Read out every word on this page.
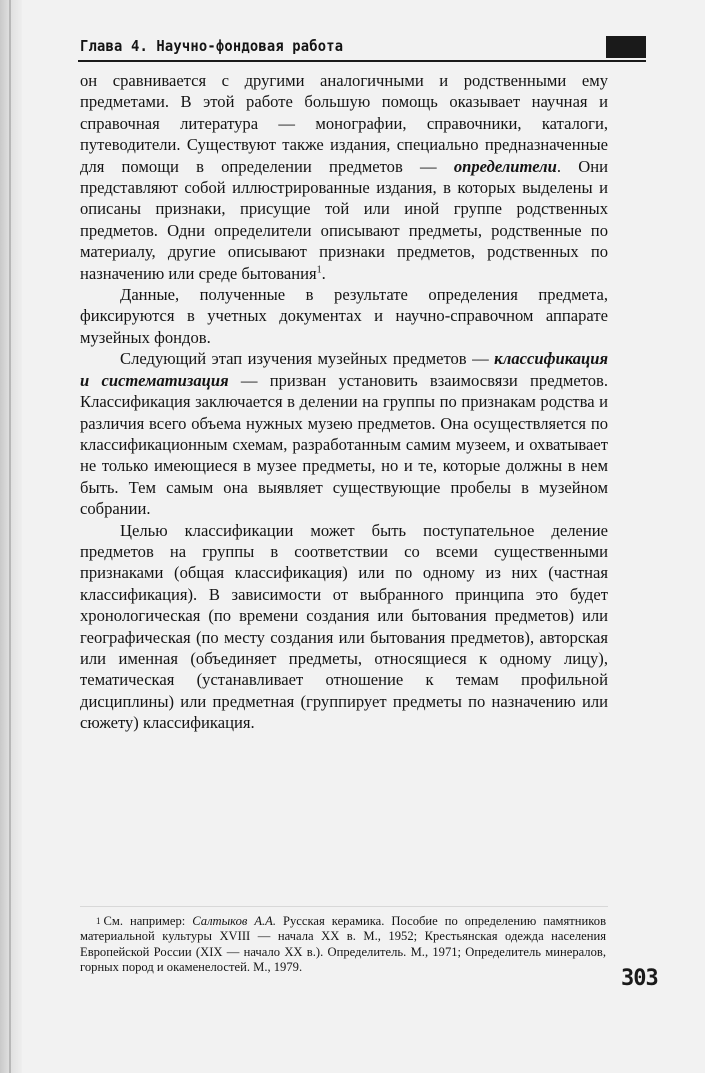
Глава 4. Научно-фондовая работа

он сравнивается с другими аналогичными и родственными ему предметами. В этой работе большую помощь оказывает научная и справочная литература — монографии, справочники, каталоги, путеводители. Существуют также издания, специально предназначенные для помощи в определении предметов — определители. Они представляют собой иллюстрированные издания, в которых выделены и описаны признаки, присущие той или иной группе родственных предметов. Одни определители описывают предметы, родственные по материалу, другие описывают признаки предметов, родственных по назначению или среде бытования$^1$.

Данные, полученные в результате определения предмета, фиксируются в учетных документах и научно-справочном аппарате музейных фондов.

Следующий этап изучения музейных предметов — классификация и систематизация — призван установить взаимосвязи предметов. Классификация заключается в делении на группы по признакам родства и различия всего объема нужных музею предметов. Она осуществляется по классификационным схемам, разработанным самим музеем, и охватывает не только имеющиеся в музее предметы, но и те, которые должны в нем быть. Тем самым она выявляет существующие пробелы в музейном собрании.

Целью классификации может быть поступательное деление предметов на группы в соответствии со всеми существенными признаками (общая классификация) или по одному из них (частная классификация). В зависимости от выбранного принципа это будет хронологическая (по времени создания или бытования предметов) или географическая (по месту создания или бытования предметов), авторская или именная (объединяет предметы, относящиеся к одному лицу), тематическая (устанавливает отношение к темам профильной дисциплины) или предметная (группирует предметы по назначению или сюжету) классификация.

$^1$ См. например: Салтыков А.А. Русская керамика. Пособие по определению памятников материальной культуры XVIII — начала XX в. М., 1952; Крестьянская одежда населения Европейской России (XIX — начало XX в.). Определитель. М., 1971; Определитель минералов, горных пород и окаменелостей. М., 1979.	303
